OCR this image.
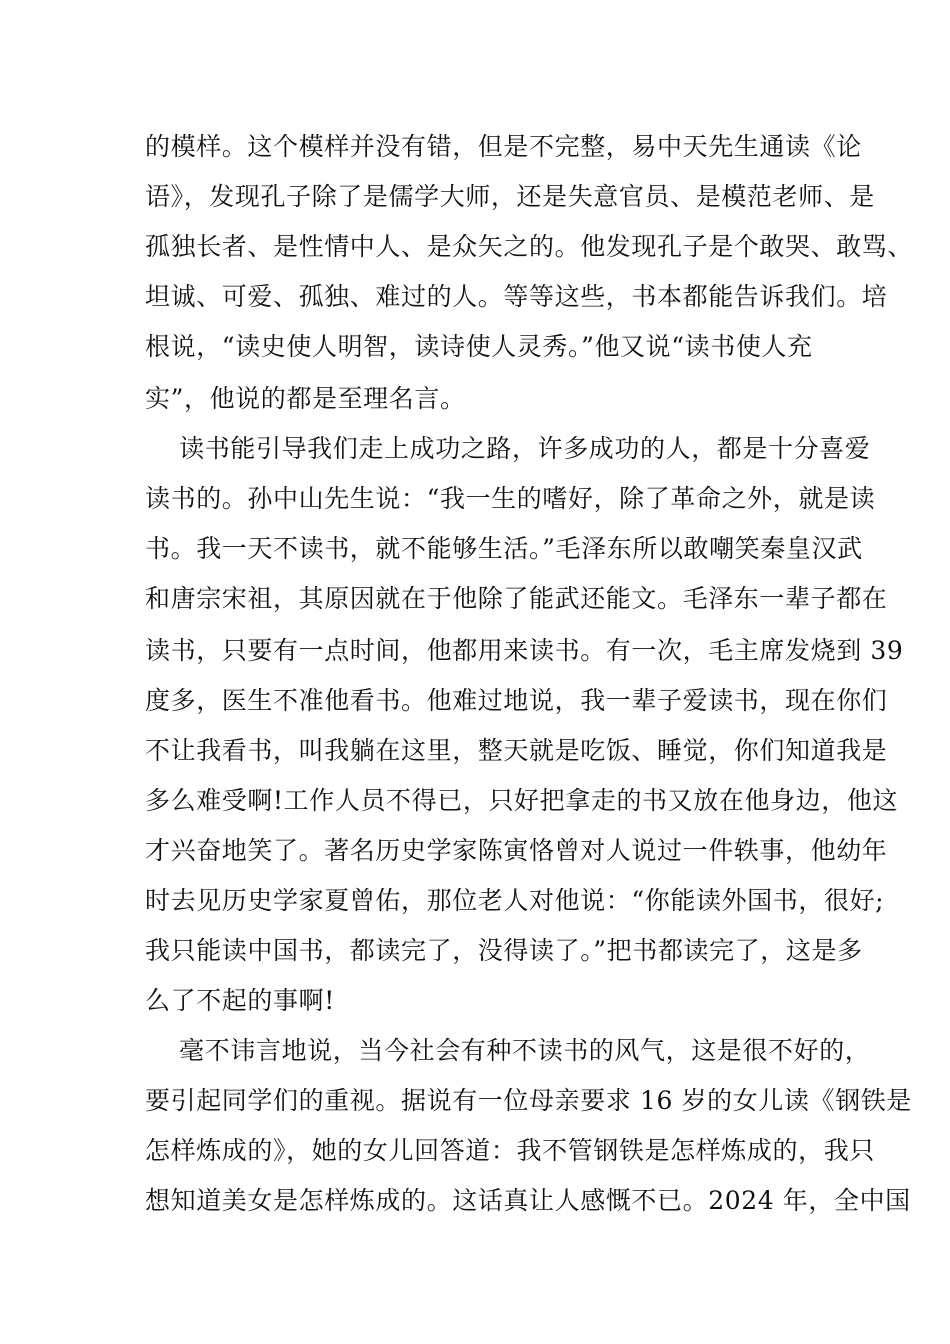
的模样。这个模样并没有错，但是不完整，易中天先生通读《论
语》，发现孔子除了是儒学大师，还是失意官员、是模范老师、是
孤独长者、是性情中人、是众矢之的。他发现孔子是个敢哭、敢骂、
坦诚、可爱、孤独、难过的人。等等这些，书本都能告诉我们。培
根说，“读史使人明智，读诗使人灵秀。”他又说“读书使人充
实”，他说的都是至理名言。
读书能引导我们走上成功之路，许多成功的人，都是十分喜爱
读书的。孙中山先生说：“我一生的嗜好，除了革命之外，就是读
书。我一天不读书，就不能够生活。”毛泽东所以敢嘲笑秦皇汉武
和唐宗宋祖，其原因就在于他除了能武还能文。毛泽东一辈子都在
读书，只要有一点时间，他都用来读书。有一次，毛主席发烧到 39
度多，医生不准他看书。他难过地说，我一辈子爱读书，现在你们
不让我看书，叫我躺在这里，整天就是吃饭、睡觉，你们知道我是
多么难受啊!工作人员不得已，只好把拿走的书又放在他身边，他这
才兴奋地笑了。著名历史学家陈寅恪曾对人说过一件轶事，他幼年
时去见历史学家夏曾佑，那位老人对他说：“你能读外国书，很好;
我只能读中国书，都读完了，没得读了。”把书都读完了，这是多
么了不起的事啊!
毫不讳言地说，当今社会有种不读书的风气，这是很不好的，
要引起同学们的重视。据说有一位母亲要求 16 岁的女儿读《钢铁是
怎样炼成的》，她的女儿回答道：我不管钢铁是怎样炼成的，我只
想知道美女是怎样炼成的。这话真让人感慨不已。2024 年，全中国
